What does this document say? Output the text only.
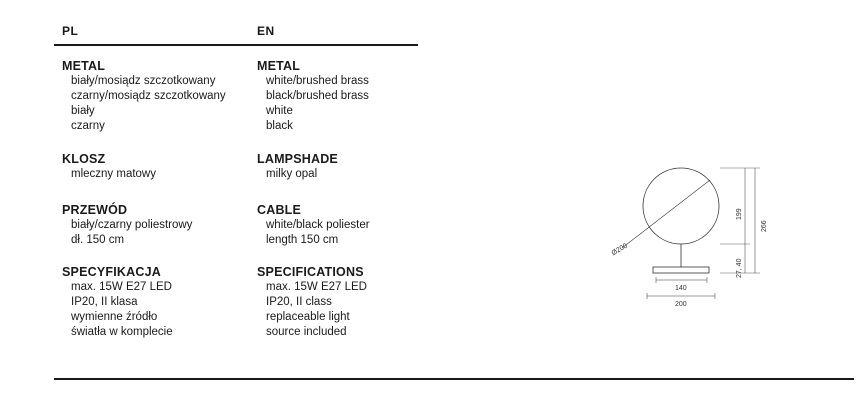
PL	EN
METAL
biały/mosiądz szczotkowany
czarny/mosiądz szczotkowany
biały
czarny
KLOSZ
mleczny matowy
PRZEWÓD
biały/czarny poliestrowy
dł. 150 cm
SPECYFIKACJA
max. 15W E27 LED
IP20, II klasa
wymienne źródło
światła w komplecie
METAL
white/brushed brass
black/brushed brass
white
black
LAMPSHADE
milky opal
CABLE
white/black poliester
length 150 cm
SPECIFICATIONS
max. 15W E27 LED
IP20, II class
replaceable light
source included
Ø200
140
200
199
27, 40
266
